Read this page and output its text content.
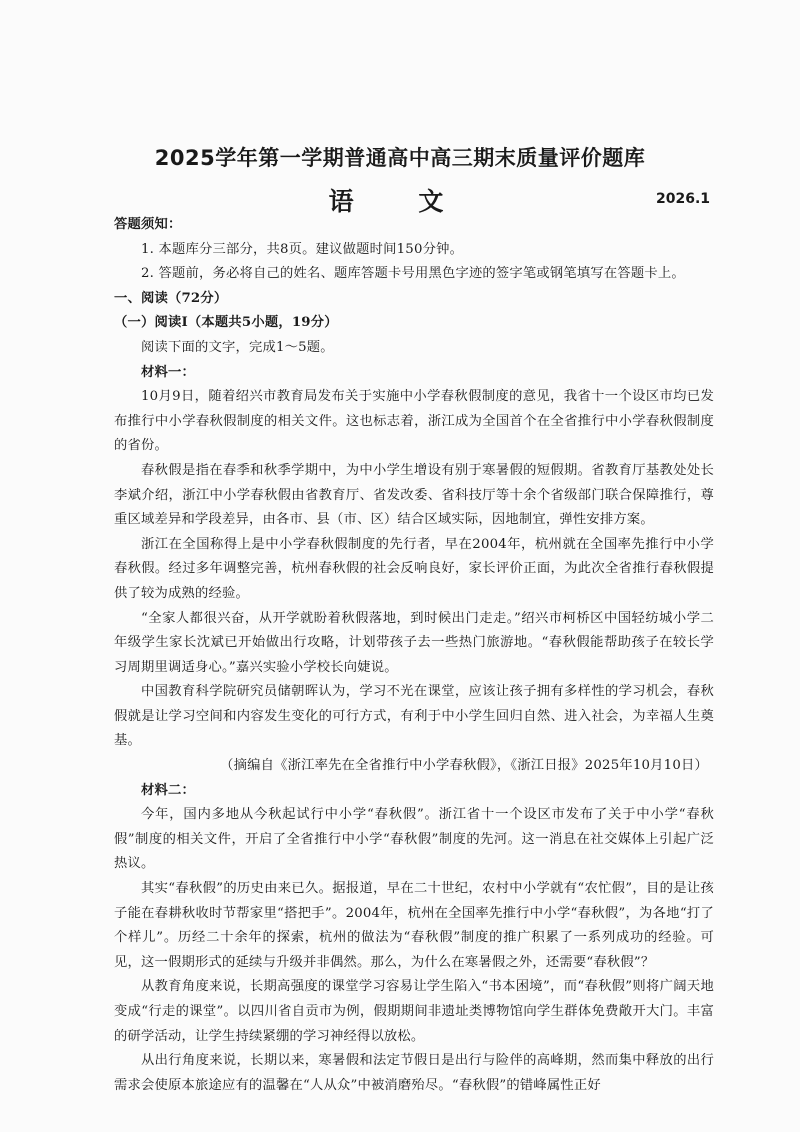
2025学年第一学期普通高中高三期末质量评价题库
语 文	2026.1

答题须知：

1. 本题库分三部分，共8页。建议做题时间150分钟。

2. 答题前，务必将自己的姓名、题库答题卡号用黑色字迹的签字笔或钢笔填写在答题卡上。

一、阅读（72分）

（一）阅读Ⅰ（本题共5小题，19分）

阅读下面的文字，完成1～5题。

材料一：

10月9日，随着绍兴市教育局发布关于实施中小学春秋假制度的意见，我省十一个设区市均已发布推行中小学春秋假制度的相关文件。这也标志着，浙江成为全国首个在全省推行中小学春秋假制度的省份。

春秋假是指在春季和秋季学期中，为中小学生增设有别于寒暑假的短假期。省教育厅基教处处长李斌介绍，浙江中小学春秋假由省教育厅、省发改委、省科技厅等十余个省级部门联合保障推行，尊重区域差异和学段差异，由各市、县（市、区）结合区域实际，因地制宜，弹性安排方案。

浙江在全国称得上是中小学春秋假制度的先行者，早在2004年，杭州就在全国率先推行中小学春秋假。经过多年调整完善，杭州春秋假的社会反响良好，家长评价正面，为此次全省推行春秋假提供了较为成熟的经验。

“全家人都很兴奋，从开学就盼着秋假落地，到时候出门走走。”绍兴市柯桥区中国轻纺城小学二年级学生家长沈斌已开始做出行攻略，计划带孩子去一些热门旅游地。“春秋假能帮助孩子在较长学习周期里调适身心。”嘉兴实验小学校长向婕说。

中国教育科学院研究员储朝晖认为，学习不光在课堂，应该让孩子拥有多样性的学习机会，春秋假就是让学习空间和内容发生变化的可行方式，有利于中小学生回归自然、进入社会，为幸福人生奠基。

（摘编自《浙江率先在全省推行中小学春秋假》，《浙江日报》2025年10月10日）

材料二：

今年，国内多地从今秋起试行中小学“春秋假”。浙江省十一个设区市发布了关于中小学“春秋假”制度的相关文件，开启了全省推行中小学“春秋假”制度的先河。这一消息在社交媒体上引起广泛热议。

其实“春秋假”的历史由来已久。据报道，早在二十世纪，农村中小学就有“农忙假”，目的是让孩子能在春耕秋收时节帮家里“搭把手”。2004年，杭州在全国率先推行中小学“春秋假”，为各地“打了个样儿”。历经二十余年的探索，杭州的做法为“春秋假”制度的推广积累了一系列成功的经验。可见，这一假期形式的延续与升级并非偶然。那么，为什么在寒暑假之外，还需要“春秋假”？

从教育角度来说，长期高强度的课堂学习容易让学生陷入“书本困境”，而“春秋假”则将广阔天地变成“行走的课堂”。以四川省自贡市为例，假期期间非遗址类博物馆向学生群体免费敞开大门。丰富的研学活动，让学生持续紧绷的学习神经得以放松。

从出行角度来说，长期以来，寒暑假和法定节假日是出行与险伴的高峰期，然而集中释放的出行需求会使原本旅途应有的温馨在“人从众”中被消磨殆尽。“春秋假”的错峰属性正好
